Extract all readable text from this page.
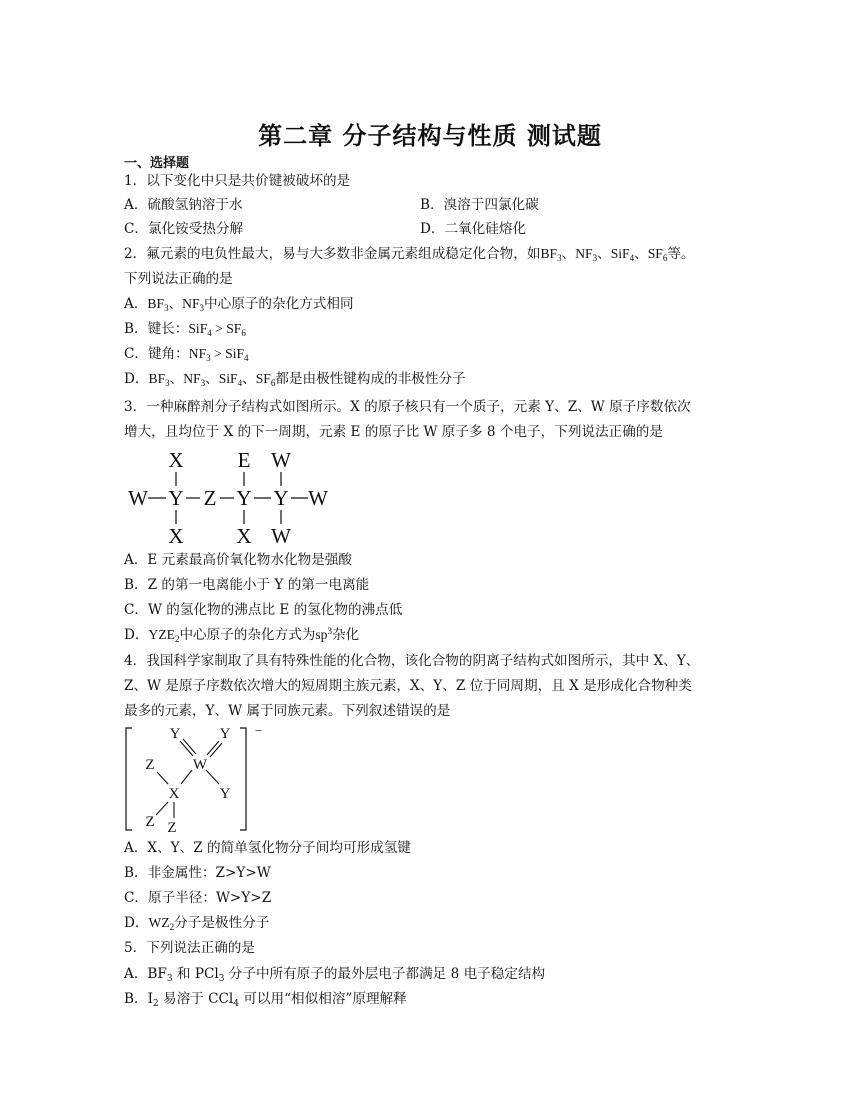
第二章 分子结构与性质 测试题
一、选择题
1．以下变化中只是共价键被破坏的是
A．硫酸氢钠溶于水	B．溴溶于四氯化碳
C．氯化铵受热分解	D．二氧化硅熔化
2．氟元素的电负性最大，易与大多数非金属元素组成稳定化合物，如$BF_3$、$NF_3$、SiF$_4$、$SF_6$等。
下列说法正确的是
A．$BF_3$、$NF_3$中心原子的杂化方式相同
B．键长：$SiF_4 > SF_6$
C．键角：$NF_3 > SiF_4$
D．$BF_3$、$NF_3$、SiF$_4$、$SF_6$都是由极性键构成的非极性分子
3．一种麻醉剂分子结构式如图所示。X 的原子核只有一个质子，元素 Y、Z、W 原子序数依次
增大，且均位于 X 的下一周期，元素 E 的原子比 W 原子多 8 个电子，下列说法正确的是
X	E W
W Y Z Y Y W
X	X W
A．E 元素最高价氧化物水化物是强酸
B．Z 的第一电离能小于 Y 的第一电离能
C．W 的氢化物的沸点比 E 的氢化物的沸点低
D．$YZE_2$中心原子的杂化方式为$sp^3$杂化
4．我国科学家制取了具有特殊性能的化合物，该化合物的阴离子结构式如图所示，其中 X、Y、
Z、W 是原子序数依次增大的短周期主族元素，X、Y、Z 位于同周期，且 X 是形成化合物种类
最多的元素，Y、W 属于同族元素。下列叙述错误的是
−
Y	Y
Z	W
X	Y
Z Z
A．X、Y、Z 的简单氢化物分子间均可形成氢键
B．非金属性：Z>Y>W
C．原子半径：W>Y>Z
D．$WZ_2$分子是极性分子
5．下列说法正确的是
A．$BF_3$ 和 PCl$_3$ 分子中所有原子的最外层电子都满足 8 电子稳定结构
B．$I_2$ 易溶于 CCl$_4$ 可以用“相似相溶”原理解释
